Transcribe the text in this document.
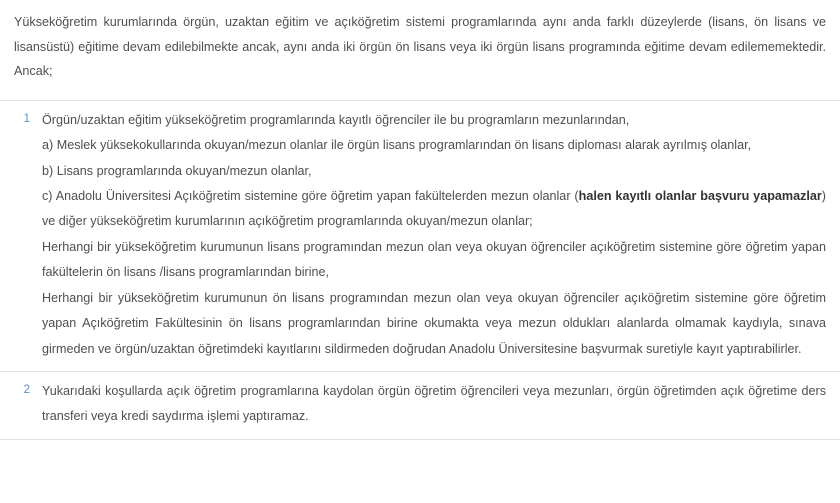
Yükseköğretim kurumlarında örgün, uzaktan eğitim ve açıköğretim sistemi programlarında aynı anda farklı düzeylerde (lisans, ön lisans ve lisansüstü) eğitime devam edilebilmekte ancak, aynı anda iki örgün ön lisans veya iki örgün lisans programında eğitime devam edilememektedir. Ancak;

1 Örgün/uzaktan eğitim yükseköğretim programlarında kayıtlı öğrenciler ile bu programların mezunlarından,

a) Meslek yüksekokullarında okuyan/mezun olanlar ile örgün lisans programlarından ön lisans diploması alarak ayrılmış olanlar,

b) Lisans programlarında okuyan/mezun olanlar,

c) Anadolu Üniversitesi Açıköğretim sistemine göre öğretim yapan fakültelerden mezun olanlar (halen kayıtlı olanlar başvuru yapamazlar) ve diğer yükseköğretim kurumlarının açıköğretim programlarında okuyan/mezun olanlar;

Herhangi bir yükseköğretim kurumunun lisans programından mezun olan veya okuyan öğrenciler açıköğretim sistemine göre öğretim yapan fakültelerin ön lisans /lisans programlarından birine,

Herhangi bir yükseköğretim kurumunun ön lisans programından mezun olan veya okuyan öğrenciler açıköğretim sistemine göre öğretim yapan Açıköğretim Fakültesinin ön lisans programlarından birine okumakta veya mezun oldukları alanlarda olmamak kaydıyla, sınava girmeden ve örgün/uzaktan öğretimdeki kayıtlarını sildirmeden doğrudan Anadolu Üniversitesine başvurmak suretiyle kayıt yaptırabilirler.

2 Yukarıdaki koşullarda açık öğretim programlarına kaydolan örgün öğretim öğrencileri veya mezunları, örgün öğretimden açık öğretime ders transferi veya kredi saydırma işlemi yaptıramaz.
